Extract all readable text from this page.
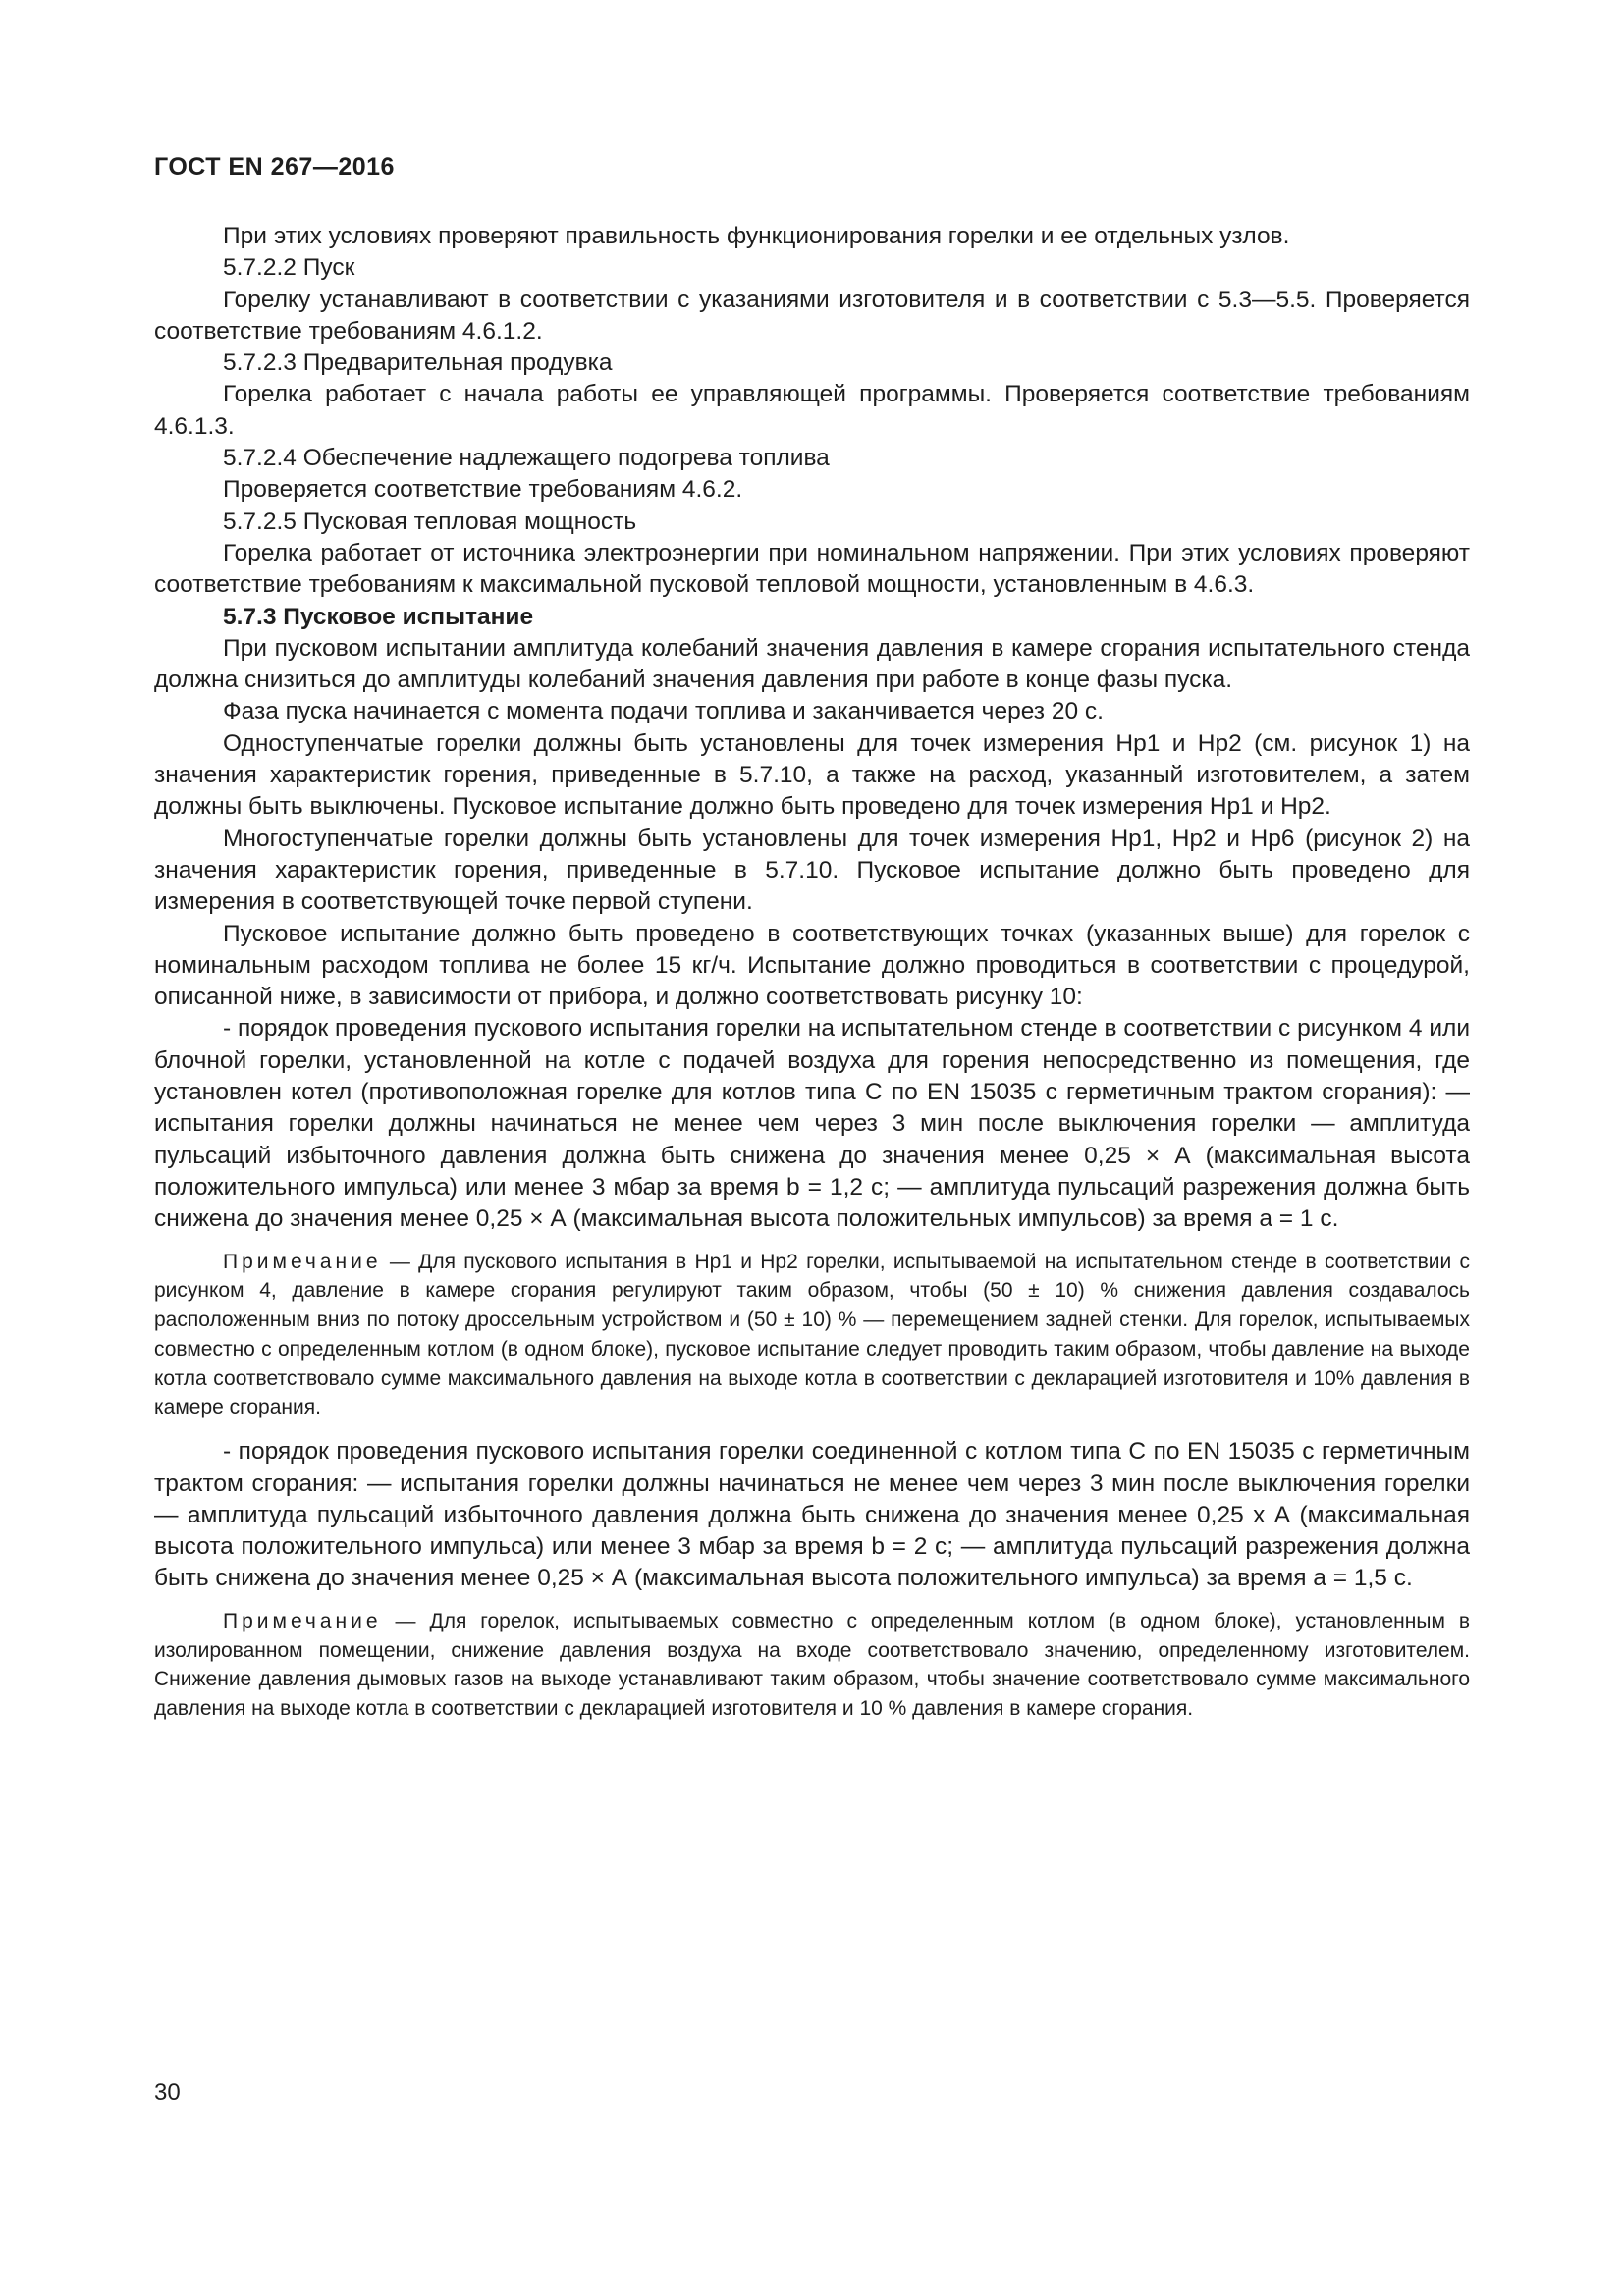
ГОСТ EN 267—2016

При этих условиях проверяют правильность функционирования горелки и ее отдельных узлов.

5.7.2.2 Пуск

Горелку устанавливают в соответствии с указаниями изготовителя и в соответствии с 5.3—5.5. Проверяется соответствие требованиям 4.6.1.2.

5.7.2.3 Предварительная продувка

Горелка работает с начала работы ее управляющей программы. Проверяется соответствие требованиям 4.6.1.3.

5.7.2.4 Обеспечение надлежащего подогрева топлива

Проверяется соответствие требованиям 4.6.2.

5.7.2.5 Пусковая тепловая мощность

Горелка работает от источника электроэнергии при номинальном напряжении. При этих условиях проверяют соответствие требованиям к максимальной пусковой тепловой мощности, установленным в 4.6.3.

5.7.3 Пусковое испытание

При пусковом испытании амплитуда колебаний значения давления в камере сгорания испытательного стенда должна снизиться до амплитуды колебаний значения давления при работе в конце фазы пуска.

Фаза пуска начинается с момента подачи топлива и заканчивается через 20 с.

Одноступенчатые горелки должны быть установлены для точек измерения Hp1 и Hp2 (см. рисунок 1) на значения характеристик горения, приведенные в 5.7.10, а также на расход, указанный изготовителем, а затем должны быть выключены. Пусковое испытание должно быть проведено для точек измерения Hp1 и Hp2.

Многоступенчатые горелки должны быть установлены для точек измерения Hp1, Hp2 и Hp6 (рисунок 2) на значения характеристик горения, приведенные в 5.7.10. Пусковое испытание должно быть проведено для измерения в соответствующей точке первой ступени.

Пусковое испытание должно быть проведено в соответствующих точках (указанных выше) для горелок с номинальным расходом топлива не более 15 кг/ч. Испытание должно проводиться в соответствии с процедурой, описанной ниже, в зависимости от прибора, и должно соответствовать рисунку 10:

- порядок проведения пускового испытания горелки на испытательном стенде в соответствии с рисунком 4 или блочной горелки, установленной на котле с подачей воздуха для горения непосредственно из помещения, где установлен котел (противоположная горелке для котлов типа С по EN 15035 с герметичным трактом сгорания): — испытания горелки должны начинаться не менее чем через 3 мин после выключения горелки — амплитуда пульсаций избыточного давления должна быть снижена до значения менее 0,25 × А (максимальная высота положительного импульса) или менее 3 мбар за время b = 1,2 с; — амплитуда пульсаций разрежения должна быть снижена до значения менее 0,25 × А (максимальная высота положительных импульсов) за время a = 1 с.

Примечание — Для пускового испытания в Hp1 и Hp2 горелки, испытываемой на испытательном стенде в соответствии с рисунком 4, давление в камере сгорания регулируют таким образом, чтобы (50 ± 10) % снижения давления создавалось расположенным вниз по потоку дроссельным устройством и (50 ± 10) % — перемещением задней стенки. Для горелок, испытываемых совместно с определенным котлом (в одном блоке), пусковое испытание следует проводить таким образом, чтобы давление на выходе котла соответствовало сумме максимального давления на выходе котла в соответствии с декларацией изготовителя и 10% давления в камере сгорания.

- порядок проведения пускового испытания горелки соединенной с котлом типа С по EN 15035 с герметичным трактом сгорания: — испытания горелки должны начинаться не менее чем через 3 мин после выключения горелки — амплитуда пульсаций избыточного давления должна быть снижена до значения менее 0,25 x А (максимальная высота положительного импульса) или менее 3 мбар за время b = 2 с; — амплитуда пульсаций разрежения должна быть снижена до значения менее 0,25 × А (максимальная высота положительного импульса) за время a = 1,5 с.

Примечание — Для горелок, испытываемых совместно с определенным котлом (в одном блоке), установленным в изолированном помещении, снижение давления воздуха на входе соответствовало значению, определенному изготовителем. Снижение давления дымовых газов на выходе устанавливают таким образом, чтобы значение соответствовало сумме максимального давления на выходе котла в соответствии с декларацией изготовителя и 10 % давления в камере сгорания.

30
